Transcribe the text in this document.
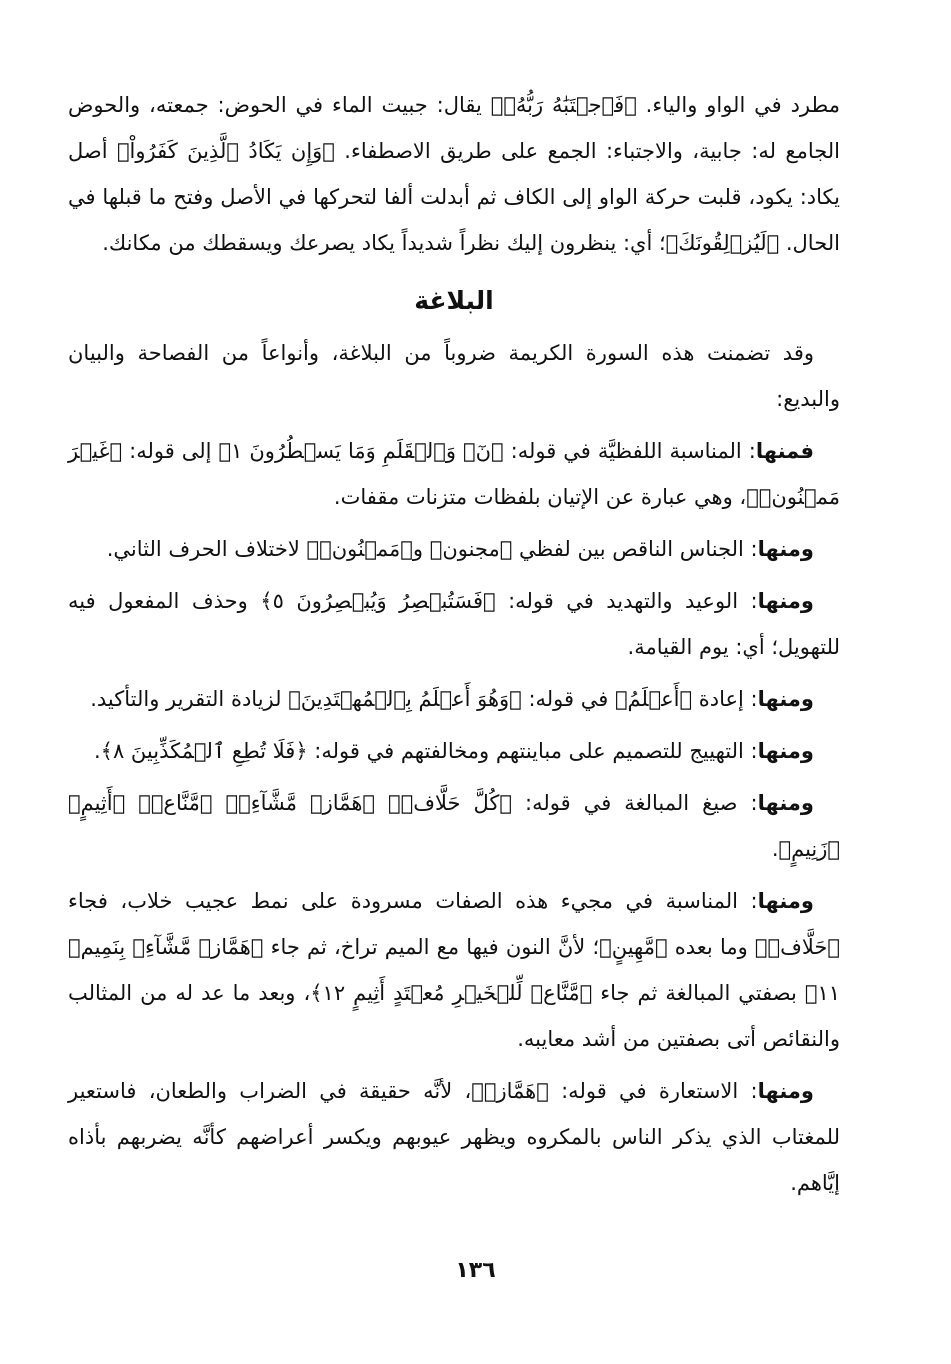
مطرد في الواو والياء. ﴿فَٱجۡتَبَٰهُ رَبُّهُۥ﴾ يقال: جبيت الماء في الحوض: جمعته، والحوض الجامع له: جابية، والاجتباء: الجمع على طريق الاصطفاء. ﴿وَإِن يَكَادُ ٱلَّذِينَ كَفَرُواْ﴾ أصل يكاد: يكود، قلبت حركة الواو إلى الكاف ثم أبدلت ألفا لتحركها في الأصل وفتح ما قبلها في الحال. ﴿لَيُزۡلِقُونَكَ﴾؛ أي: ينظرون إليك نظراً شديداً يكاد يصرعك ويسقطك من مكانك.

البلاغة

وقد تضمنت هذه السورة الكريمة ضروباً من البلاغة، وأنواعاً من الفصاحة والبيان والبديع:

فمنها: المناسبة اللفظيَّة في قوله: ﴿نٓۚ وَٱلۡقَلَمِ وَمَا يَسۡطُرُونَ ١﴾ إلى قوله: ﴿غَيۡرَ مَمۡنُونٖ﴾، وهي عبارة عن الإتيان بلفظات متزنات مقفات.

ومنها: الجناس الناقص بين لفظي ﴿مجنون﴾ و﴿مَمۡنُونٖ﴾ لاختلاف الحرف الثاني.

ومنها: الوعيد والتهديد في قوله: ﴿فَسَتُبۡصِرُ وَيُبۡصِرُونَ ٥﴾ وحذف المفعول فيه للتهويل؛ أي: يوم القيامة.

ومنها: إعادة ﴿أَعۡلَمُ﴾ في قوله: ﴿وَهُوَ أَعۡلَمُ بِٱلۡمُهۡتَدِينَ﴾ لزيادة التقرير والتأكيد.

ومنها: التهييج للتصميم على مباينتهم ومخالفتهم في قوله: ﴿فَلَا تُطِعِ ٱلۡمُكَذِّبِينَ ٨﴾.

ومنها: صيغ المبالغة في قوله: ﴿كُلَّ حَلَّافٖ﴾ ﴿هَمَّازٖ مَّشَّآءِۭ﴾ ﴿مَّنَّاعٖ﴾ ﴿أَثِيمٍ﴾ ﴿زَنِيمٍ﴾.

ومنها: المناسبة في مجيء هذه الصفات مسرودة على نمط عجيب خلاب، فجاء ﴿حَلَّافٖ﴾ وما بعده ﴿مَّهِينٍ﴾؛ لأنَّ النون فيها مع الميم تراخ، ثم جاء ﴿هَمَّازٖ مَّشَّآءِۭ بِنَمِيمٖ ١١﴾ بصفتي المبالغة ثم جاء ﴿مَّنَّاعٖ لِّلۡخَيۡرِ مُعۡتَدٍ أَثِيمٍ ١٢﴾، وبعد ما عد له من المثالب والنقائص أتى بصفتين من أشد معايبه.

ومنها: الاستعارة في قوله: ﴿هَمَّازٖ﴾، لأنَّه حقيقة في الضراب والطعان، فاستعير للمغتاب الذي يذكر الناس بالمكروه ويظهر عيوبهم ويكسر أعراضهم كأنَّه يضربهم بأذاه إيَّاهم.

١٣٦
